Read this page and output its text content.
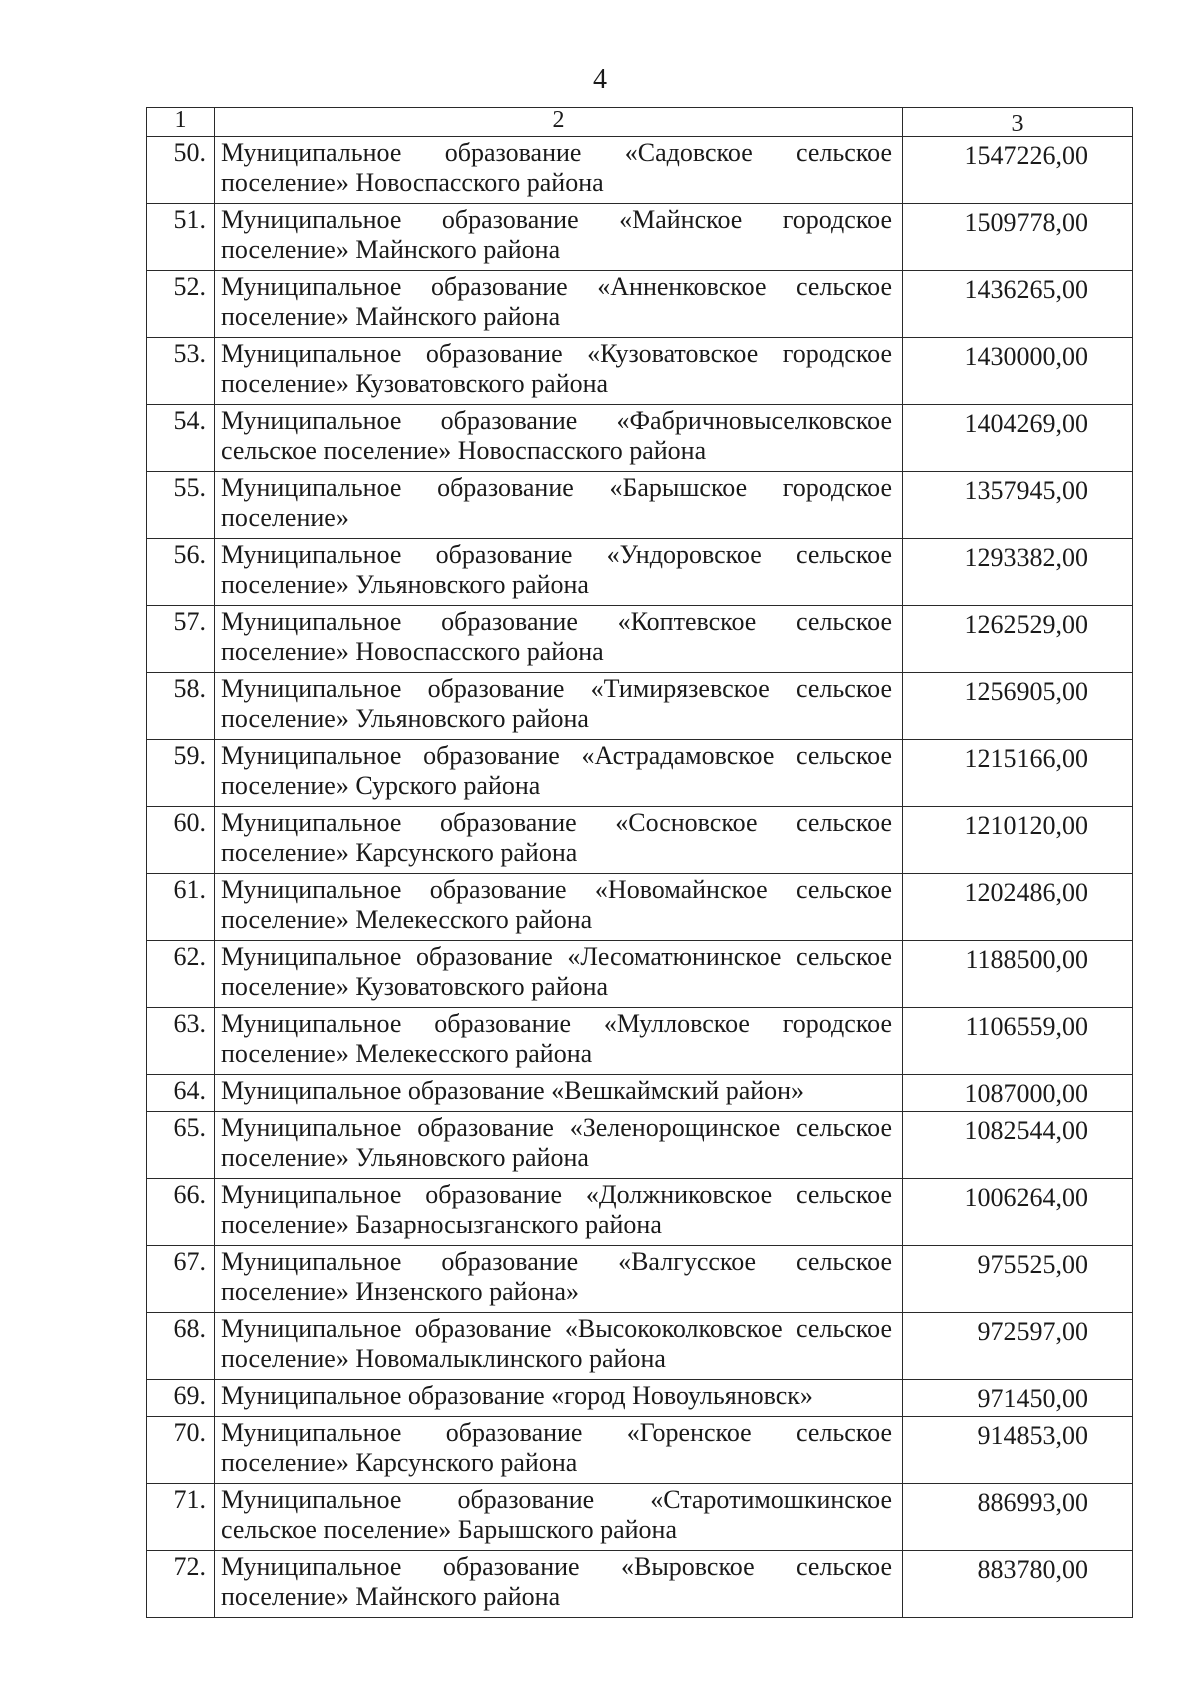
4
1	2	3
50.	Муниципальное образование «Садовское сельское поселение» Новоспасского района	1547226,00
51.	Муниципальное образование «Майнское городское поселение» Майнского района	1509778,00
52.	Муниципальное образование «Анненковское сельское поселение» Майнского района	1436265,00
53.	Муниципальное образование «Кузоватовское городское поселение» Кузоватовского района	1430000,00
54.	Муниципальное образование «Фабричновыселковское сельское поселение» Новоспасского района	1404269,00
55.	Муниципальное образование «Барышское городское поселение»	1357945,00
56.	Муниципальное образование «Ундоровское сельское поселение» Ульяновского района	1293382,00
57.	Муниципальное образование «Коптевское сельское поселение» Новоспасского района	1262529,00
58.	Муниципальное образование «Тимирязевское сельское поселение» Ульяновского района	1256905,00
59.	Муниципальное образование «Астрадамовское сельское поселение» Сурского района	1215166,00
60.	Муниципальное образование «Сосновское сельское поселение» Карсунского района	1210120,00
61.	Муниципальное образование «Новомайнское сельское поселение» Мелекесского района	1202486,00
62.	Муниципальное образование «Лесоматюнинское сельское поселение» Кузоватовского района	1188500,00
63.	Муниципальное образование «Мулловское городское поселение» Мелекесского района	1106559,00
64.	Муниципальное образование «Вешкаймский район»	1087000,00
65.	Муниципальное образование «Зеленорощинское сельское поселение» Ульяновского района	1082544,00
66.	Муниципальное образование «Должниковское сельское поселение» Базарносызганского района	1006264,00
67.	Муниципальное образование «Валгусское сельское поселение» Инзенского района»	975525,00
68.	Муниципальное образование «Высококолковское сельское поселение» Новомалыклинского района	972597,00
69.	Муниципальное образование «город Новоульяновск»	971450,00
70.	Муниципальное образование «Горенское сельское поселение» Карсунского района	914853,00
71.	Муниципальное образование «Старотимошкинское сельское поселение» Барышского района	886993,00
72.	Муниципальное образование «Выровское сельское поселение» Майнского района	883780,00
